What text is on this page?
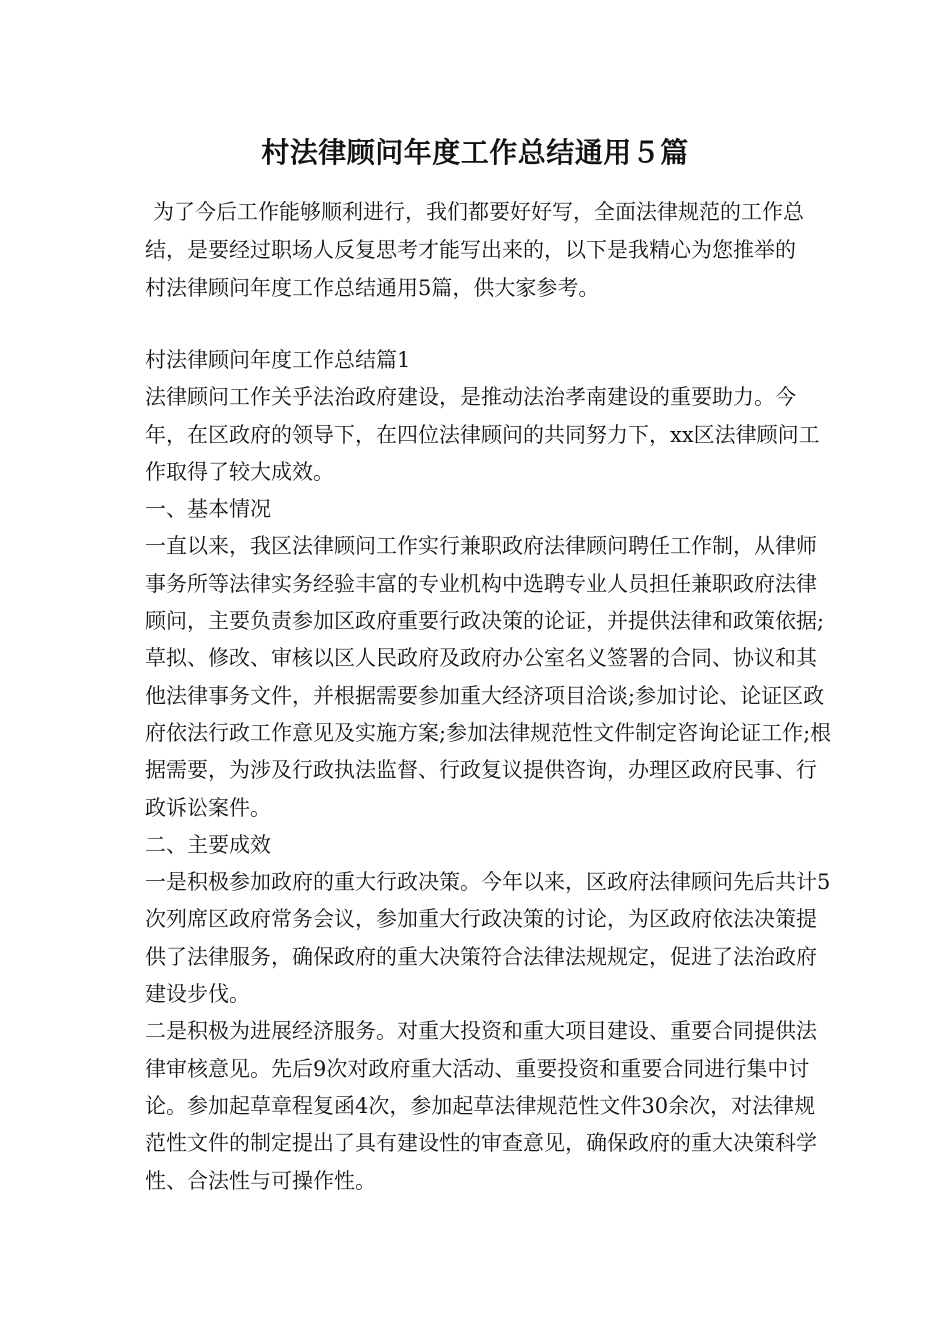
村法律顾问年度工作总结通用５篇

为了今后工作能够顺利进行，我们都要好好写，全面法律规范的工作总结，是要经过职场人反复思考才能写出来的，以下是我精心为您推举的村法律顾问年度工作总结通用5篇，供大家参考。

村法律顾问年度工作总结篇1

法律顾问工作关乎法治政府建设，是推动法治孝南建设的重要助力。今年，在区政府的领导下，在四位法律顾问的共同努力下，xx区法律顾问工作取得了较大成效。

一、基本情况

一直以来，我区法律顾问工作实行兼职政府法律顾问聘任工作制，从律师事务所等法律实务经验丰富的专业机构中选聘专业人员担任兼职政府法律顾问，主要负责参加区政府重要行政决策的论证，并提供法律和政策依据;草拟、修改、审核以区人民政府及政府办公室名义签署的合同、协议和其他法律事务文件，并根据需要参加重大经济项目洽谈;参加讨论、论证区政府依法行政工作意见及实施方案;参加法律规范性文件制定咨询论证工作;根据需要，为涉及行政执法监督、行政复议提供咨询，办理区政府民事、行政诉讼案件。

二、主要成效

一是积极参加政府的重大行政决策。今年以来，区政府法律顾问先后共计5次列席区政府常务会议，参加重大行政决策的讨论，为区政府依法决策提供了法律服务，确保政府的重大决策符合法律法规规定，促进了法治政府建设步伐。

二是积极为进展经济服务。对重大投资和重大项目建设、重要合同提供法律审核意见。先后9次对政府重大活动、重要投资和重要合同进行集中讨论。参加起草章程复函4次，参加起草法律规范性文件30余次，对法律规范性文件的制定提出了具有建设性的审查意见，确保政府的重大决策科学性、合法性与可操作性。
